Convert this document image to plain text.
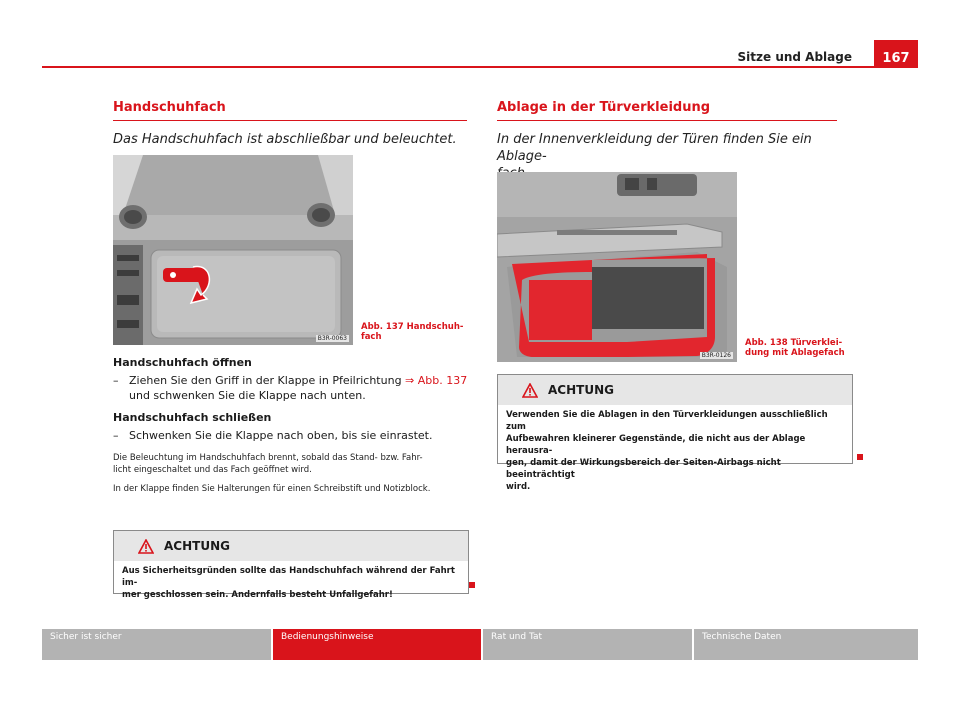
Sitze und Ablage	167
Handschuhfach

Das Handschuhfach ist abschließbar und beleuchtet.

B3R-0063
Abb. 137 Handschuh-
fach

Handschuhfach öffnen

– Ziehen Sie den Griff in der Klappe in Pfeilrichtung ⇒ Abb. 137 und schwenken Sie die Klappe nach unten.

Handschuhfach schließen

– Schwenken Sie die Klappe nach oben, bis sie einrastet.
Die Beleuchtung im Handschuhfach brennt, sobald das Stand- bzw. Fahr-
licht eingeschaltet und das Fach geöffnet wird.
In der Klappe finden Sie Halterungen für einen Schreibstift und Notizblock.
ACHTUNG
Aus Sicherheitsgründen sollte das Handschuhfach während der Fahrt im-
mer geschlossen sein. Andernfalls besteht Unfallgefahr!
Ablage in der Türverkleidung
In der Innenverkleidung der Türen finden Sie ein Ablage-
B3R-0126
Abb. 138 Türverklei-
dung mit Ablagefach
ACHTUNG
Verwenden Sie die Ablagen in den Türverkleidungen ausschließlich zum
Aufbewahren kleinerer Gegenstände, die nicht aus der Ablage herausra-
gen, damit der Wirkungsbereich der Seiten-Airbags nicht beeinträchtigt
wird.
Sicher ist sicher	Bedienungshinweise	Rat und Tat	Technische Daten
